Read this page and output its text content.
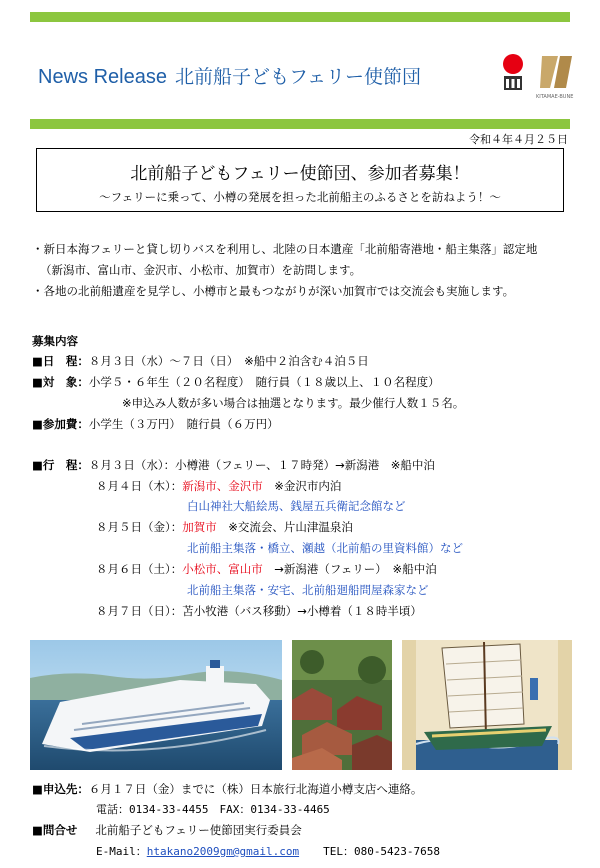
News Release 北前船子どもフェリー使節団
KITAMAE-BUNE
令和４年４月２５日
北前船子どもフェリー使節団、参加者募集！
～フェリーに乗って、小樽の発展を担った北前船主のふるさとを訪ねよう！～
・新日本海フェリーと貸し切りバスを利用し、北陸の日本遺産「北前船寄港地・船主集落」認定地
（新潟市、富山市、金沢市、小松市、加賀市）を訪問します。
・各地の北前船遺産を見学し、小樽市と最もつながりが深い加賀市では交流会も実施します。
募集内容
■日　程：８月３日（水）～７日（日）　※船中２泊含む４泊５日
■対　象：小学５・６年生（２０名程度）　随行員（１８歳以上、１０名程度）
※申込み人数が多い場合は抽選となります。最少催行人数１５名。
■参加費：小学生（３万円）　随行員（６万円）
■行　程：８月３日（水）：小樽港（フェリー、１７時発）→新潟港　※船中泊
８月４日（木）：新潟市、金沢市　※金沢市内泊
白山神社大船絵馬、銭屋五兵衛記念館など
８月５日（金）：加賀市　※交流会、片山津温泉泊
北前船主集落・橋立、瀬越（北前船の里資料館）など
８月６日（土）：小松市、富山市　→新潟港（フェリー）　※船中泊
北前船主集落・安宅、北前船廻船問屋森家など
８月７日（日）：苫小牧港（バス移動）→小樽着（１８時半頃）
■申込先：６月１７日（金）までに（株）日本旅行北海道小樽支店へ連絡。
電話：0134-33-4455　FAX：0134-33-4465
■問合せ 北前船子どもフェリー使節団実行委員会
E-Mail：htakano2009gm@gmail.com TEL：080-5423-7658
